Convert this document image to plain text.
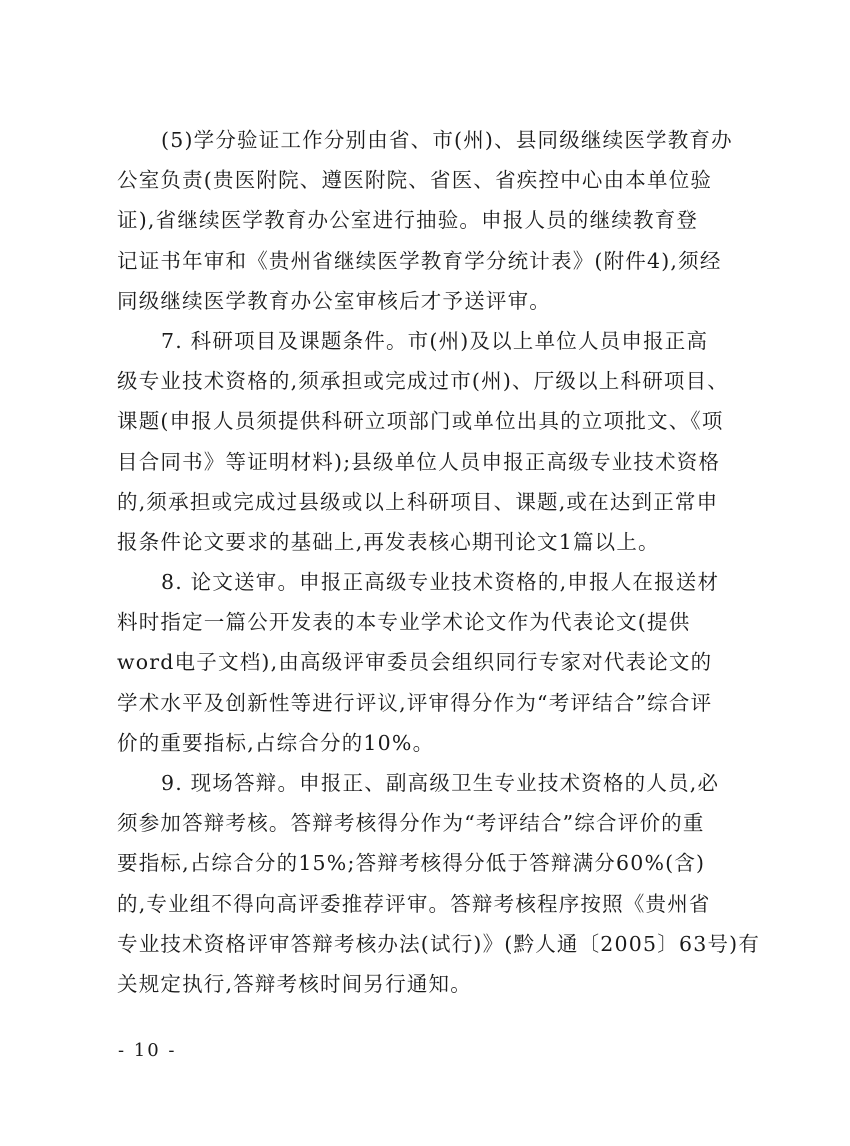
(5)学分验证工作分别由省、市(州)、县同级继续医学教育办
公室负责(贵医附院、遵医附院、省医、省疾控中心由本单位验
证),省继续医学教育办公室进行抽验。申报人员的继续教育登
记证书年审和《贵州省继续医学教育学分统计表》(附件4),须经
同级继续医学教育办公室审核后才予送评审。
7. 科研项目及课题条件。市(州)及以上单位人员申报正高
级专业技术资格的,须承担或完成过市(州)、厅级以上科研项目、
课题(申报人员须提供科研立项部门或单位出具的立项批文、《项
目合同书》等证明材料);县级单位人员申报正高级专业技术资格
的,须承担或完成过县级或以上科研项目、课题,或在达到正常申
报条件论文要求的基础上,再发表核心期刊论文1篇以上。
8. 论文送审。申报正高级专业技术资格的,申报人在报送材
料时指定一篇公开发表的本专业学术论文作为代表论文(提供
word电子文档),由高级评审委员会组织同行专家对代表论文的
学术水平及创新性等进行评议,评审得分作为“考评结合”综合评
价的重要指标,占综合分的10%。
9. 现场答辩。申报正、副高级卫生专业技术资格的人员,必
须参加答辩考核。答辩考核得分作为“考评结合”综合评价的重
要指标,占综合分的15%;答辩考核得分低于答辩满分60%(含)
的,专业组不得向高评委推荐评审。答辩考核程序按照《贵州省
专业技术资格评审答辩考核办法(试行)》(黔人通〔2005〕63号)有
关规定执行,答辩考核时间另行通知。
- 10 -
